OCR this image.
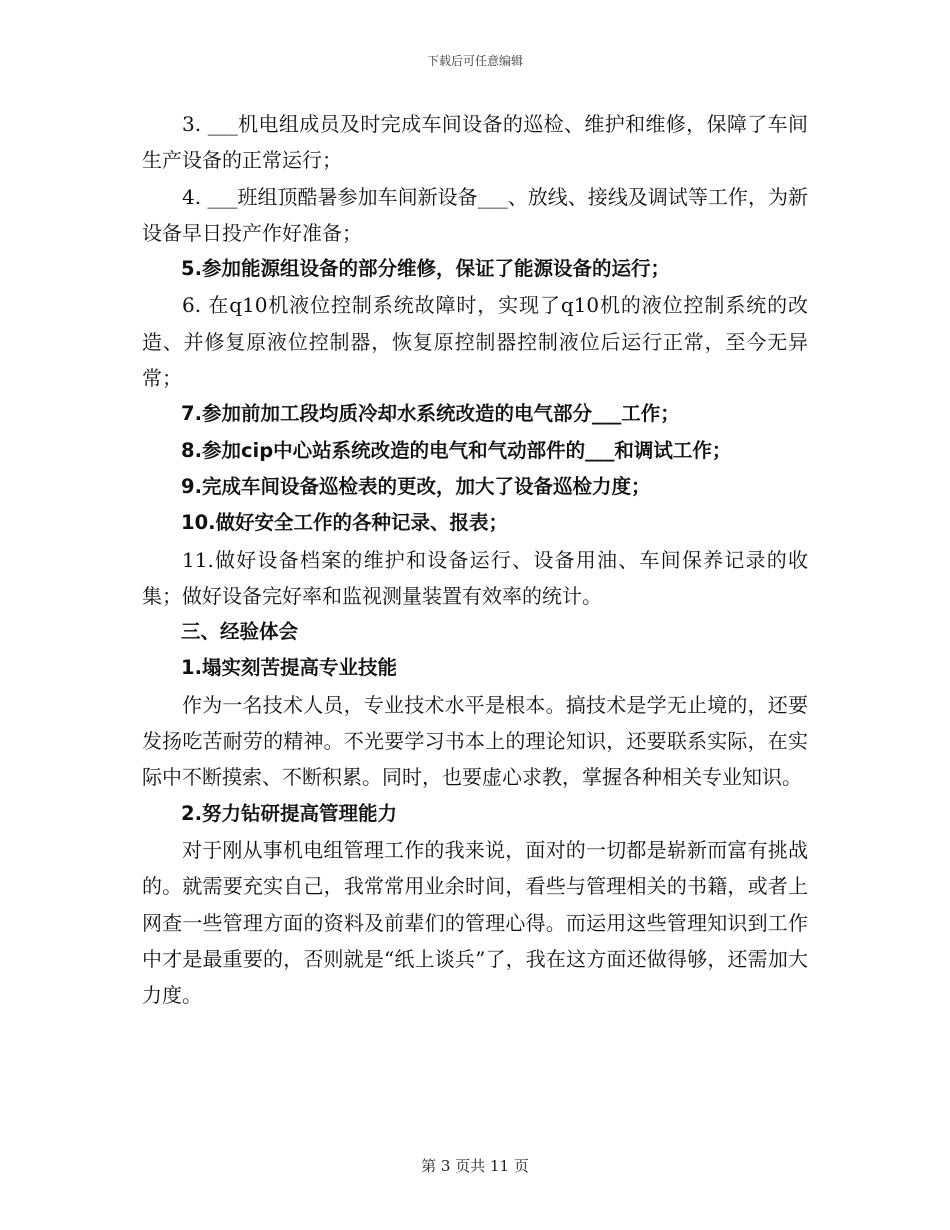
下载后可任意编辑

3. ___机电组成员及时完成车间设备的巡检、维护和维修，保障了车间生产设备的正常运行；

4. ___班组顶酷暑参加车间新设备___、放线、接线及调试等工作，为新设备早日投产作好准备；

5.参加能源组设备的部分维修，保证了能源设备的运行；

6. 在q10机液位控制系统故障时，实现了q10机的液位控制系统的改造、并修复原液位控制器，恢复原控制器控制液位后运行正常，至今无异常；

7.参加前加工段均质冷却水系统改造的电气部分___工作；

8.参加cip中心站系统改造的电气和气动部件的___和调试工作；

9.完成车间设备巡检表的更改，加大了设备巡检力度；

10.做好安全工作的各种记录、报表；

11.做好设备档案的维护和设备运行、设备用油、车间保养记录的收集；做好设备完好率和监视测量装置有效率的统计。

三、经验体会

1.塌实刻苦提高专业技能

作为一名技术人员，专业技术水平是根本。搞技术是学无止境的，还要发扬吃苦耐劳的精神。不光要学习书本上的理论知识，还要联系实际，在实际中不断摸索、不断积累。同时，也要虚心求教，掌握各种相关专业知识。

2.努力钻研提高管理能力

对于刚从事机电组管理工作的我来说，面对的一切都是崭新而富有挑战的。就需要充实自己，我常常用业余时间，看些与管理相关的书籍，或者上网查一些管理方面的资料及前辈们的管理心得。而运用这些管理知识到工作中才是最重要的，否则就是“纸上谈兵”了，我在这方面还做得够，还需加大力度。

第 3 页共 11 页
